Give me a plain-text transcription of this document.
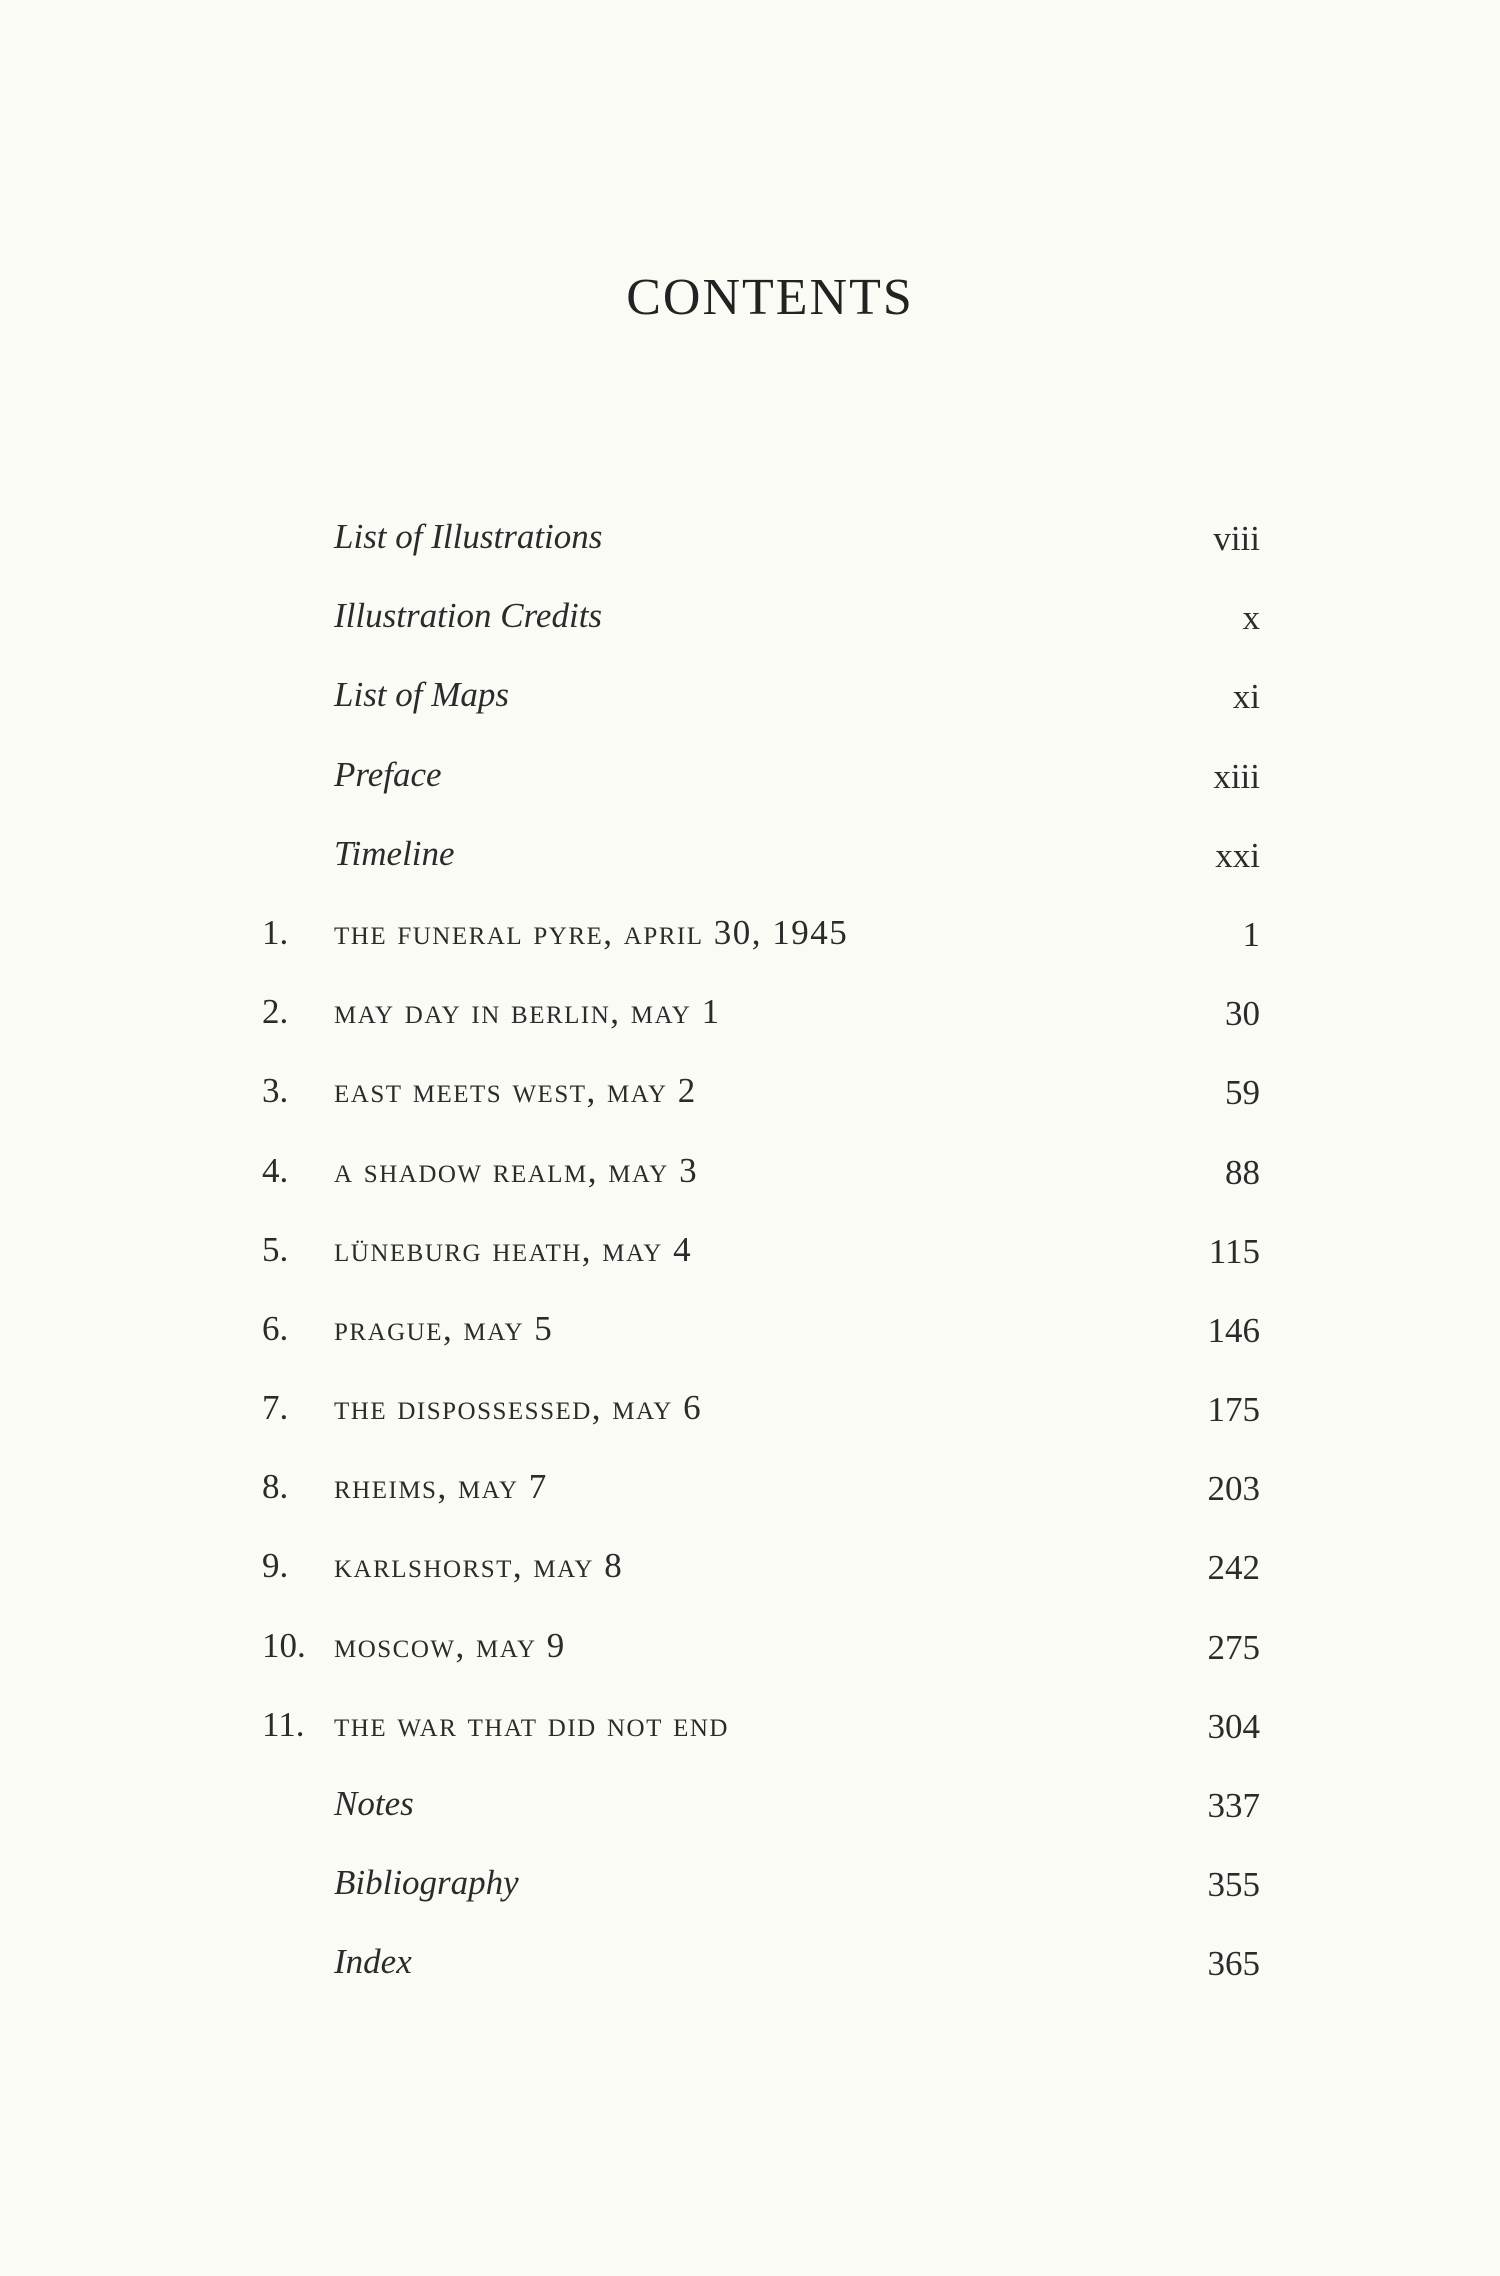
CONTENTS
List of Illustrations	viii
Illustration Credits	x
List of Maps	xi
Preface	xiii
Timeline	xxi
1.	the funeral pyre, april 30, 1945	1
2.	may day in berlin, may 1	30
3.	east meets west, may 2	59
4.	a shadow realm, may 3	88
5.	lüneburg heath, may 4	115
6.	prague, may 5	146
7.	the dispossessed, may 6	175
8.	rheims, may 7	203
9.	karlshorst, may 8	242
10. moscow, may 9	275
11. the war that did not end	304
Notes	337
Bibliography	355
Index	365
